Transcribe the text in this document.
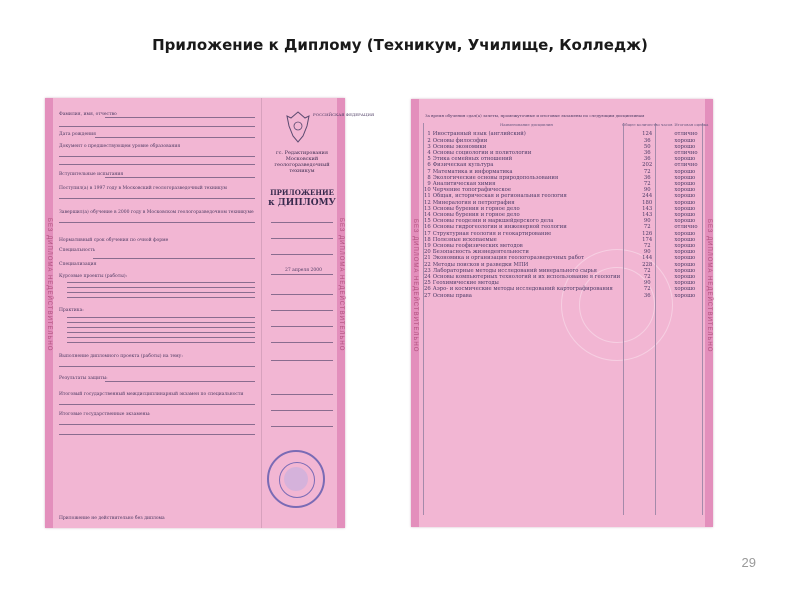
Приложение к Диплому (Техникум, Училище, Колледж)
БЕЗ ДИПЛОМА НЕДЕЙСТВИТЕЛЬНО	БЕЗ ДИПЛОМА НЕДЕЙСТВИТЕЛЬНО
Фамилия, имя, отчество
Дата рождения
Документ о предшествующем уровне образования
Вступительные испытания
Поступил(а) в 1997 году в Московский геологоразведочный техникум
Завершил(а) обучение в 2000 году в Московском геологоразведочном техникуме
Нормативный срок обучения по очной форме
Специальность
Специализация
Курсовые проекты (работы):
Практика:
Выполнение дипломного проекта (работы) на тему:
Результаты защиты:
Итоговый государственный междисциплинарный экзамен по специальности
Итоговые государственные экзамены:
Приложение не действительно без диплома
РОССИЙСКАЯ ФЕДЕРАЦИЯ
гс. Редактирования
Московский
геологоразведочный
техникум
ПРИЛОЖЕНИЕ
к ДИПЛОМУ
27 апреля 2000	БЕЗ ДИПЛОМА НЕДЕЙСТВИТЕЛЬНО	БЕЗ ДИПЛОМА НЕДЕЙСТВИТЕЛЬНО
За время обучения сдал(а) зачеты, промежуточные и итоговые экзамены по следующим дисциплинам
	Наименование дисциплин	Общее количество часов	Итоговая оценка

1	Иностранный язык (английский)	124	отлично
2	Основы философии	36	хорошо
3	Основы экономики	50	хорошо
4	Основы социологии и политологии	36	отлично
5	Этика семейных отношений	36	хорошо
6	Физическая культура	202	отлично
7	Математика и информатика	72	хорошо
8	Экологические основы природопользования	36	хорошо
9	Аналитическая химия	72	хорошо
10	Черчение топографическое	90	хорошо
11	Общая, историческая и региональная геология	244	хорошо
12	Минералогия и петрография	180	хорошо
13	Основы бурения и горное дело	143	хорошо
14	Основы бурения и горное дело	143	хорошо
15	Основы геодезии и маркшейдерского дела	90	хорошо
16	Основы гидрогеологии и инженерной геологии	72	отлично
17	Структурная геология и геокартирование	126	хорошо
18	Полезные ископаемые	174	хорошо
19	Основы геофизических методов	72	хорошо
20	Безопасность жизнедеятельности	90	хорошо
21	Экономика и организация геологоразведочных работ	144	хорошо
22	Методы поисков и разведки МПИ	228	хорошо
23	Лабораторные методы исследований минерального сырья	72	хорошо
24	Основы компьютерных технологий и их использование в геологии	72	хорошо
25	Геохимические методы	90	хорошо
26	Аэро- и космические методы исследований картографирования	72	хорошо
27	Основы права	36	хорошо
29
